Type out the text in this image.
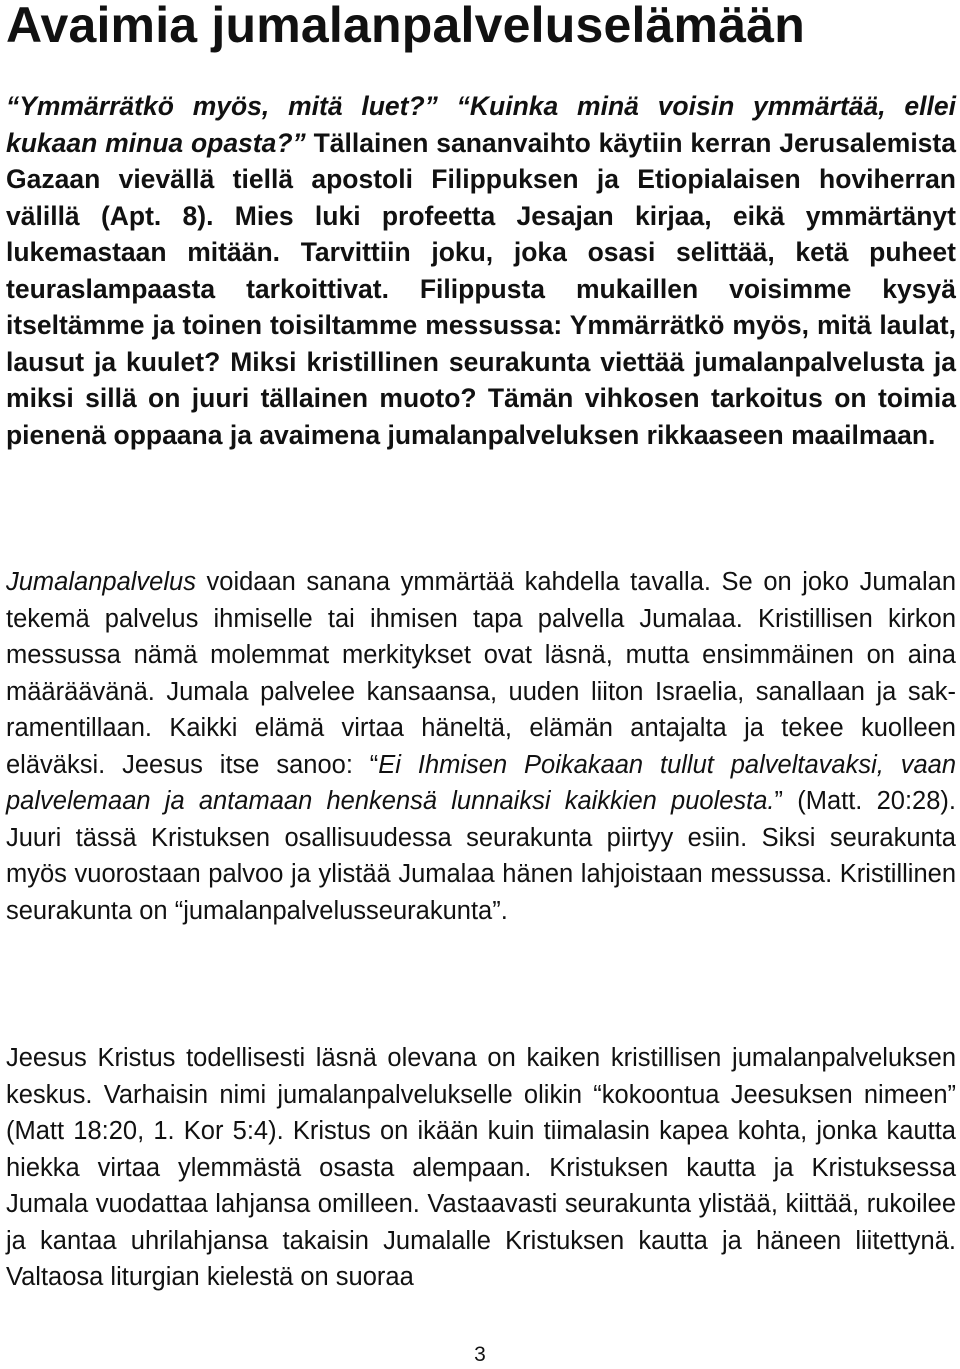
Avaimia jumalanpalveluselämään

“Ymmärrätkö myös, mitä luet?” “Kuinka minä voisin ymmärtää, ellei kukaan minua opasta?” Tällainen sananvaihto käytiin kerran Jerusalemista Gazaan vievällä tiellä apostoli Filippuksen ja Etiopialaisen hoviherran välillä (Apt. 8). Mies luki profeetta Jesajan kirjaa, eikä ymmärtänyt lukemastaan mitään. Tarvittiin joku, joka osasi selittää, ketä puheet teuraslampaasta tarkoittivat. Filippusta mukaillen voisimme kysyä itseltämme ja toinen toisiltamme messussa: Ymmärrätkö myös, mitä laulat, lausut ja kuulet? Miksi kristillinen seurakunta viettää jumalanpalvelusta ja miksi sillä on juuri tällainen muoto? Tämän vihkosen tarkoitus on toimia pienenä oppaana ja avaimena jumalanpalveluksen rikkaaseen maailmaan.

Jumalanpalvelus voidaan sanana ymmärtää kahdella tavalla. Se on joko Jumalan tekemä palvelus ihmiselle tai ihmisen tapa palvella Jumalaa. Kristillisen kirkon messussa nämä molemmat merkitykset ovat läsnä, mutta ensimmäinen on aina määräävänä. Jumala palvelee kansaansa, uuden liiton Israelia, sanallaan ja sak-ramentillaan. Kaikki elämä virtaa häneltä, elämän antajalta ja tekee kuolleen eläväksi. Jeesus itse sanoo: “Ei Ihmisen Poikakaan tullut palveltavaksi, vaan palvelemaan ja antamaan henkensä lunnaiksi kaikkien puolesta.” (Matt. 20:28). Juuri tässä Kristuksen osallisuudessa seurakunta piirtyy esiin. Siksi seurakunta myös vuorostaan palvoo ja ylistää Jumalaa hänen lahjoistaan messussa. Kristillinen seurakunta on “jumalanpalvelusseurakunta”.

Jeesus Kristus todellisesti läsnä olevana on kaiken kristillisen jumalanpalveluksen keskus. Varhaisin nimi jumalanpalvelukselle olikin “kokoontua Jeesuksen nimeen” (Matt 18:20, 1. Kor 5:4). Kristus on ikään kuin tiimalasin kapea kohta, jonka kautta hiekka virtaa ylemmästä osasta alempaan. Kristuksen kautta ja Kristuksessa Jumala vuodattaa lahjansa omilleen. Vastaavasti seurakunta ylistää, kiittää, rukoilee ja kantaa uhrilahjansa takaisin Jumalalle Kristuksen kautta ja häneen liitettynä. Valtaosa liturgian kielestä on suoraa

3
